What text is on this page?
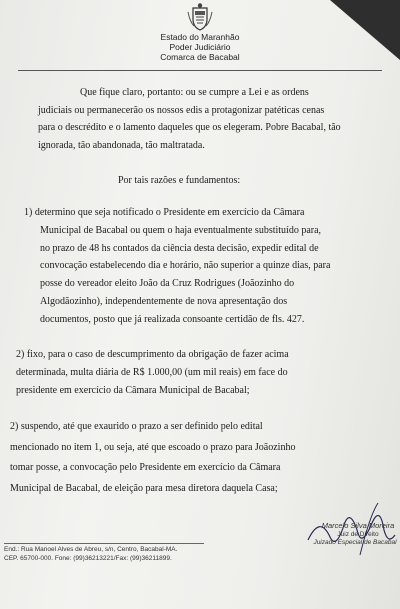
Estado do Maranhão
Poder Judiciário
Comarca de Bacabal
Que fique claro, portanto: ou se cumpre a Lei e as ordens
judiciais ou permanecerão os nossos edis a protagonizar patéticas cenas
para o descrédito e o lamento daqueles que os elegeram. Pobre Bacabal, tão
ignorada, tão abandonada, tão maltratada.
Por tais razões e fundamentos:
1) determino que seja notificado o Presidente em exercício da Câmara
Municipal de Bacabal ou quem o haja eventualmente substituído para,
no prazo de 48 hs contados da ciência desta decisão, expedir edital de
convocação estabelecendo dia e horário, não superior a quinze dias, para
posse do vereador eleito João da Cruz Rodrigues (Joãozinho do
Algodãozinho), independentemente de nova apresentação dos
documentos, posto que já realizada consoante certidão de fls. 427.
2) fixo, para o caso de descumprimento da obrigação de fazer acima
determinada, multa diária de R$ 1.000,00 (um mil reais) em face do
presidente em exercício da Câmara Municipal de Bacabal;
2) suspendo, até que exaurido o prazo a ser definido pelo edital
mencionado no item 1, ou seja, até que escoado o prazo para Joãozinho
tomar posse, a convocação pelo Presidente em exercício da Câmara
Municipal de Bacabal, de eleição para mesa diretora daquela Casa;
End.: Rua Manoel Alves de Abreu, s/n, Centro, Bacabal-MA.
CEP. 65700-000. Fone: (99)36213221/Fax: (99)36211899.
Marcelo Silva Moreira
Juiz de Direito
Juizado Especial de Bacabal
